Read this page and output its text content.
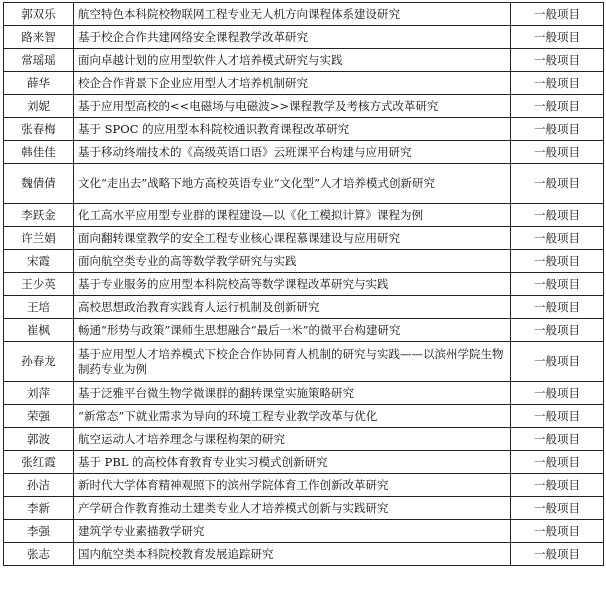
郭双乐	航空特色本科院校物联网工程专业无人机方向课程体系建设研究	一般项目
路来智	基于校企合作共建网络安全课程教学改革研究	一般项目
常瑶瑶	面向卓越计划的应用型软件人才培养模式研究与实践	一般项目
薛华	校企合作背景下企业应用型人才培养机制研究	一般项目
刘妮	基于应用型高校的<<电磁场与电磁波>>课程教学及考核方式改革研究	一般项目
张春梅	基于 SPOC 的应用型本科院校通识教育课程改革研究	一般项目
韩佳佳	基于移动终端技术的《高级英语口语》云班课平台构建与应用研究	一般项目
魏倩倩	文化“走出去”战略下地方高校英语专业“文化型”人才培养模式创新研究	一般项目
李跃金	化工高水平应用型专业群的课程建设—以《化工模拟计算》课程为例	一般项目
许兰娟	面向翻转课堂教学的安全工程专业核心课程慕课建设与应用研究	一般项目
宋霞	面向航空类专业的高等数学教学研究与实践	一般项目
王少英	基于专业服务的应用型本科院校高等数学课程改革研究与实践	一般项目
王培	高校思想政治教育实践育人运行机制及创新研究	一般项目
崔枫	畅通“形势与政策”课师生思想融合“最后一米”的微平台构建研究	一般项目
孙春龙	基于应用型人才培养模式下校企合作协同育人机制的研究与实践——以滨州学院生物制药专业为例	一般项目
刘萍	基于泛雅平台微生物学微课群的翻转课堂实施策略研究	一般项目
荣强	“新常态”下就业需求为导向的环境工程专业教学改革与优化	一般项目
郭波	航空运动人才培养理念与课程构架的研究	一般项目
张红霞	基于 PBL 的高校体育教育专业实习模式创新研究	一般项目
孙洁	新时代大学体育精神观照下的滨州学院体育工作创新改革研究	一般项目
李新	产学研合作教育推动土建类专业人才培养模式创新与实践研究	一般项目
李强	建筑学专业素描教学研究	一般项目
张志	国内航空类本科院校教育发展追踪研究	一般项目
